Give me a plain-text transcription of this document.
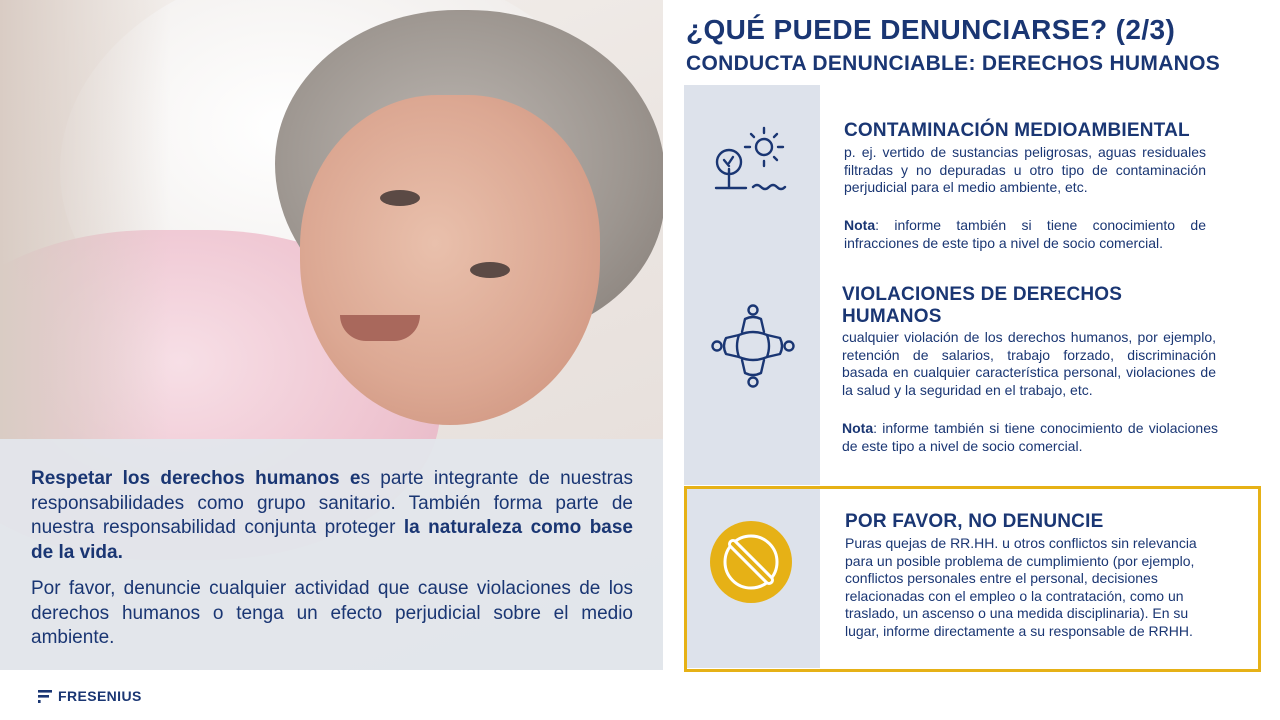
Respetar los derechos humanos es parte integrante de nuestras responsabilidades como grupo sanitario. También forma parte de nuestra responsabilidad conjunta proteger la naturaleza como base de la vida.

Por favor, denuncie cualquier actividad que cause violaciones de los derechos humanos o tenga un efecto perjudicial sobre el medio ambiente.

¿QUÉ PUEDE DENUNCIARSE? (2/3)
CONDUCTA DENUNCIABLE: DERECHOS HUMANOS
CONTAMINACIÓN MEDIOAMBIENTAL

p. ej. vertido de sustancias peligrosas, aguas residuales filtradas y no depuradas u otro tipo de contaminación perjudicial para el medio ambiente, etc.

Nota: informe también si tiene conocimiento de infracciones de este tipo a nivel de socio comercial.

VIOLACIONES DE DERECHOS HUMANOS

cualquier violación de los derechos humanos, por ejemplo, retención de salarios, trabajo forzado, discriminación basada en cualquier característica personal, violaciones de la salud y la seguridad en el trabajo, etc.

Nota: informe también si tiene conocimiento de violaciones de este tipo a nivel de socio comercial.

POR FAVOR, NO DENUNCIE

Puras quejas de RR.HH. u otros conflictos sin relevancia para un posible problema de cumplimiento (por ejemplo, conflictos personales entre el personal, decisiones relacionadas con el empleo o la contratación, como un traslado, un ascenso o una medida disciplinaria). En su lugar, informe directamente a su responsable de RRHH.

FRESENIUS
